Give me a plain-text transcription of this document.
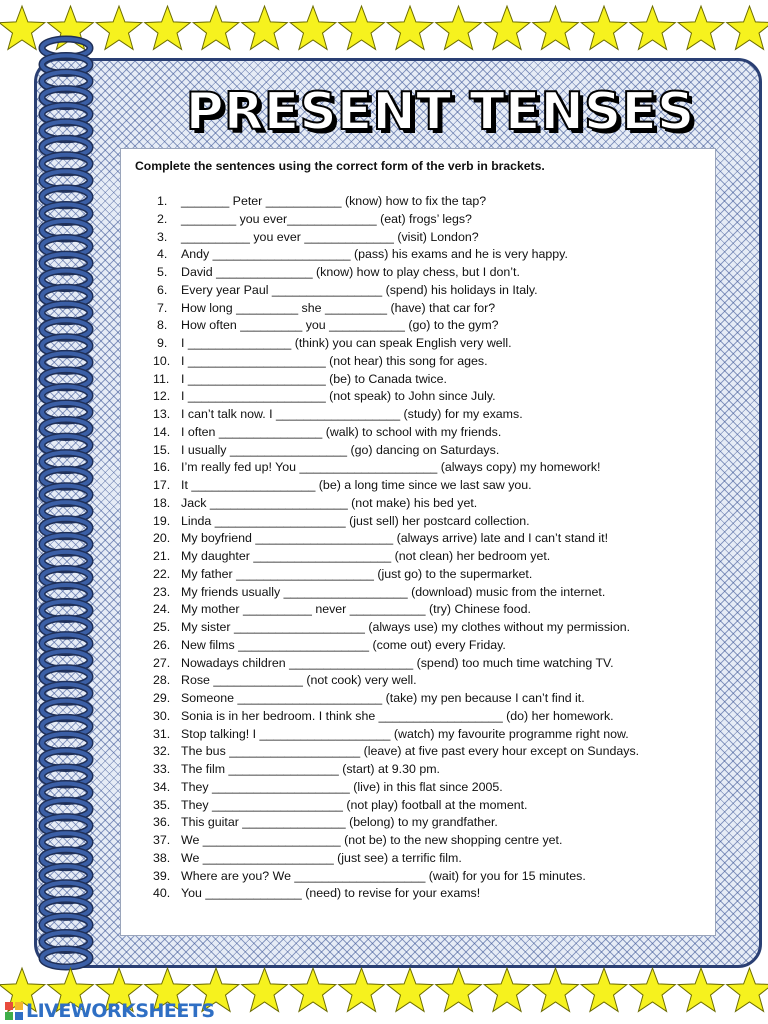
PRESENT TENSES
Complete the sentences using the correct form of the verb in brackets.
1.	_______ Peter ___________ (know) how to fix the tap?
2.	________ you ever_____________ (eat) frogs’ legs?
3.	__________ you ever _____________ (visit) London?
4.	Andy ____________________ (pass) his exams and he is very happy.
5.	David ______________ (know) how to play chess, but I don’t.
6.	Every year Paul ________________ (spend) his holidays in Italy.
7.	How long _________ she _________ (have) that car for?
8.	How often _________ you ___________ (go) to the gym?
9.	I _______________ (think) you can speak English very well.
10. I ____________________ (not hear) this song for ages.
11. I ____________________ (be) to Canada twice.
12. I ____________________ (not speak) to John since July.
13. I can’t talk now. I __________________ (study) for my exams.
14. I often _______________ (walk) to school with my friends.
15. I usually _________________ (go) dancing on Saturdays.
16. I’m really fed up! You ____________________ (always copy) my homework!
17. It __________________ (be) a long time since we last saw you.
18. Jack ____________________ (not make) his bed yet.
19. Linda ___________________ (just sell) her postcard collection.
20. My boyfriend ____________________ (always arrive) late and I can’t stand it!
21. My daughter ____________________ (not clean) her bedroom yet.
22. My father ____________________ (just go) to the supermarket.
23. My friends usually __________________ (download) music from the internet.
24. My mother __________ never ___________ (try) Chinese food.
25. My sister ___________________ (always use) my clothes without my permission.
26. New films ___________________ (come out) every Friday.
27. Nowadays children __________________ (spend) too much time watching TV.
28. Rose _____________ (not cook) very well.
29. Someone _____________________ (take) my pen because I can’t find it.
30. Sonia is in her bedroom. I think she __________________ (do) her homework.
31. Stop talking! I ___________________ (watch) my favourite programme right now.
32. The bus ___________________ (leave) at five past every hour except on Sundays.
33. The film ________________ (start) at 9.30 pm.
34. They ____________________ (live) in this flat since 2005.
35. They ___________________ (not play) football at the moment.
36. This guitar _______________ (belong) to my grandfather.
37. We ____________________ (not be) to the new shopping centre yet.
38. We ___________________ (just see) a terrific film.
39. Where are you? We ___________________ (wait) for you for 15 minutes.
40. You ______________ (need) to revise for your exams!
LIVEWORKSHEETS
